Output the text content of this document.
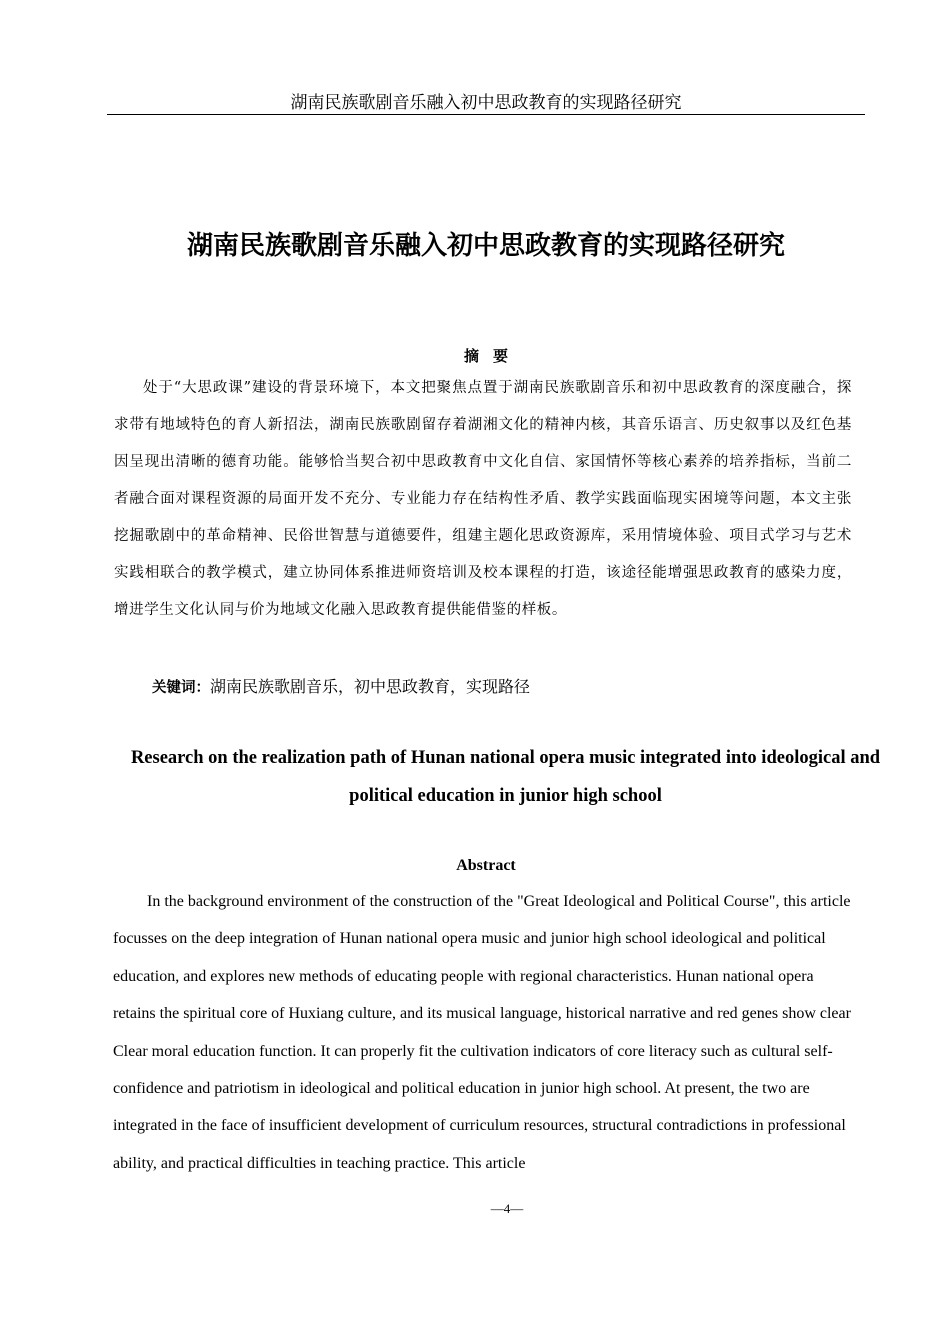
湖南民族歌剧音乐融入初中思政教育的实现路径研究
湖南民族歌剧音乐融入初中思政教育的实现路径研究
摘要

处于“大思政课”建设的背景环境下，本文把聚焦点置于湖南民族歌剧音乐和初中思政教育的深度融合，探求带有地域特色的育人新招法，湖南民族歌剧留存着湖湘文化的精神内核，其音乐语言、历史叙事以及红色基因呈现出清晰的德育功能。能够恰当契合初中思政教育中文化自信、家国情怀等核心素养的培养指标，当前二者融合面对课程资源的局面开发不充分、专业能力存在结构性矛盾、教学实践面临现实困境等问题，本文主张挖掘歌剧中的革命精神、民俗世智慧与道德要件，组建主题化思政资源库，采用情境体验、项目式学习与艺术实践相联合的教学模式，建立协同体系推进师资培训及校本课程的打造，该途径能增强思政教育的感染力度，增进学生文化认同与价为地域文化融入思政教育提供能借鉴的样板。

关键词：湖南民族歌剧音乐，初中思政教育，实现路径

Research on the realization path of Hunan national opera music integrated into ideological and political education in junior high school
Abstract

In the background environment of the construction of the "Great Ideological and Political Course", this article focusses on the deep integration of Hunan national opera music and junior high school ideological and political education, and explores new methods of educating people with regional characteristics. Hunan national opera retains the spiritual core of Huxiang culture, and its musical language, historical narrative and red genes show clear Clear moral education function. It can properly fit the cultivation indicators of core literacy such as cultural self-confidence and patriotism in ideological and political education in junior high school. At present, the two are integrated in the face of insufficient development of curriculum resources, structural contradictions in professional ability, and practical difficulties in teaching practice. This article

—4—
